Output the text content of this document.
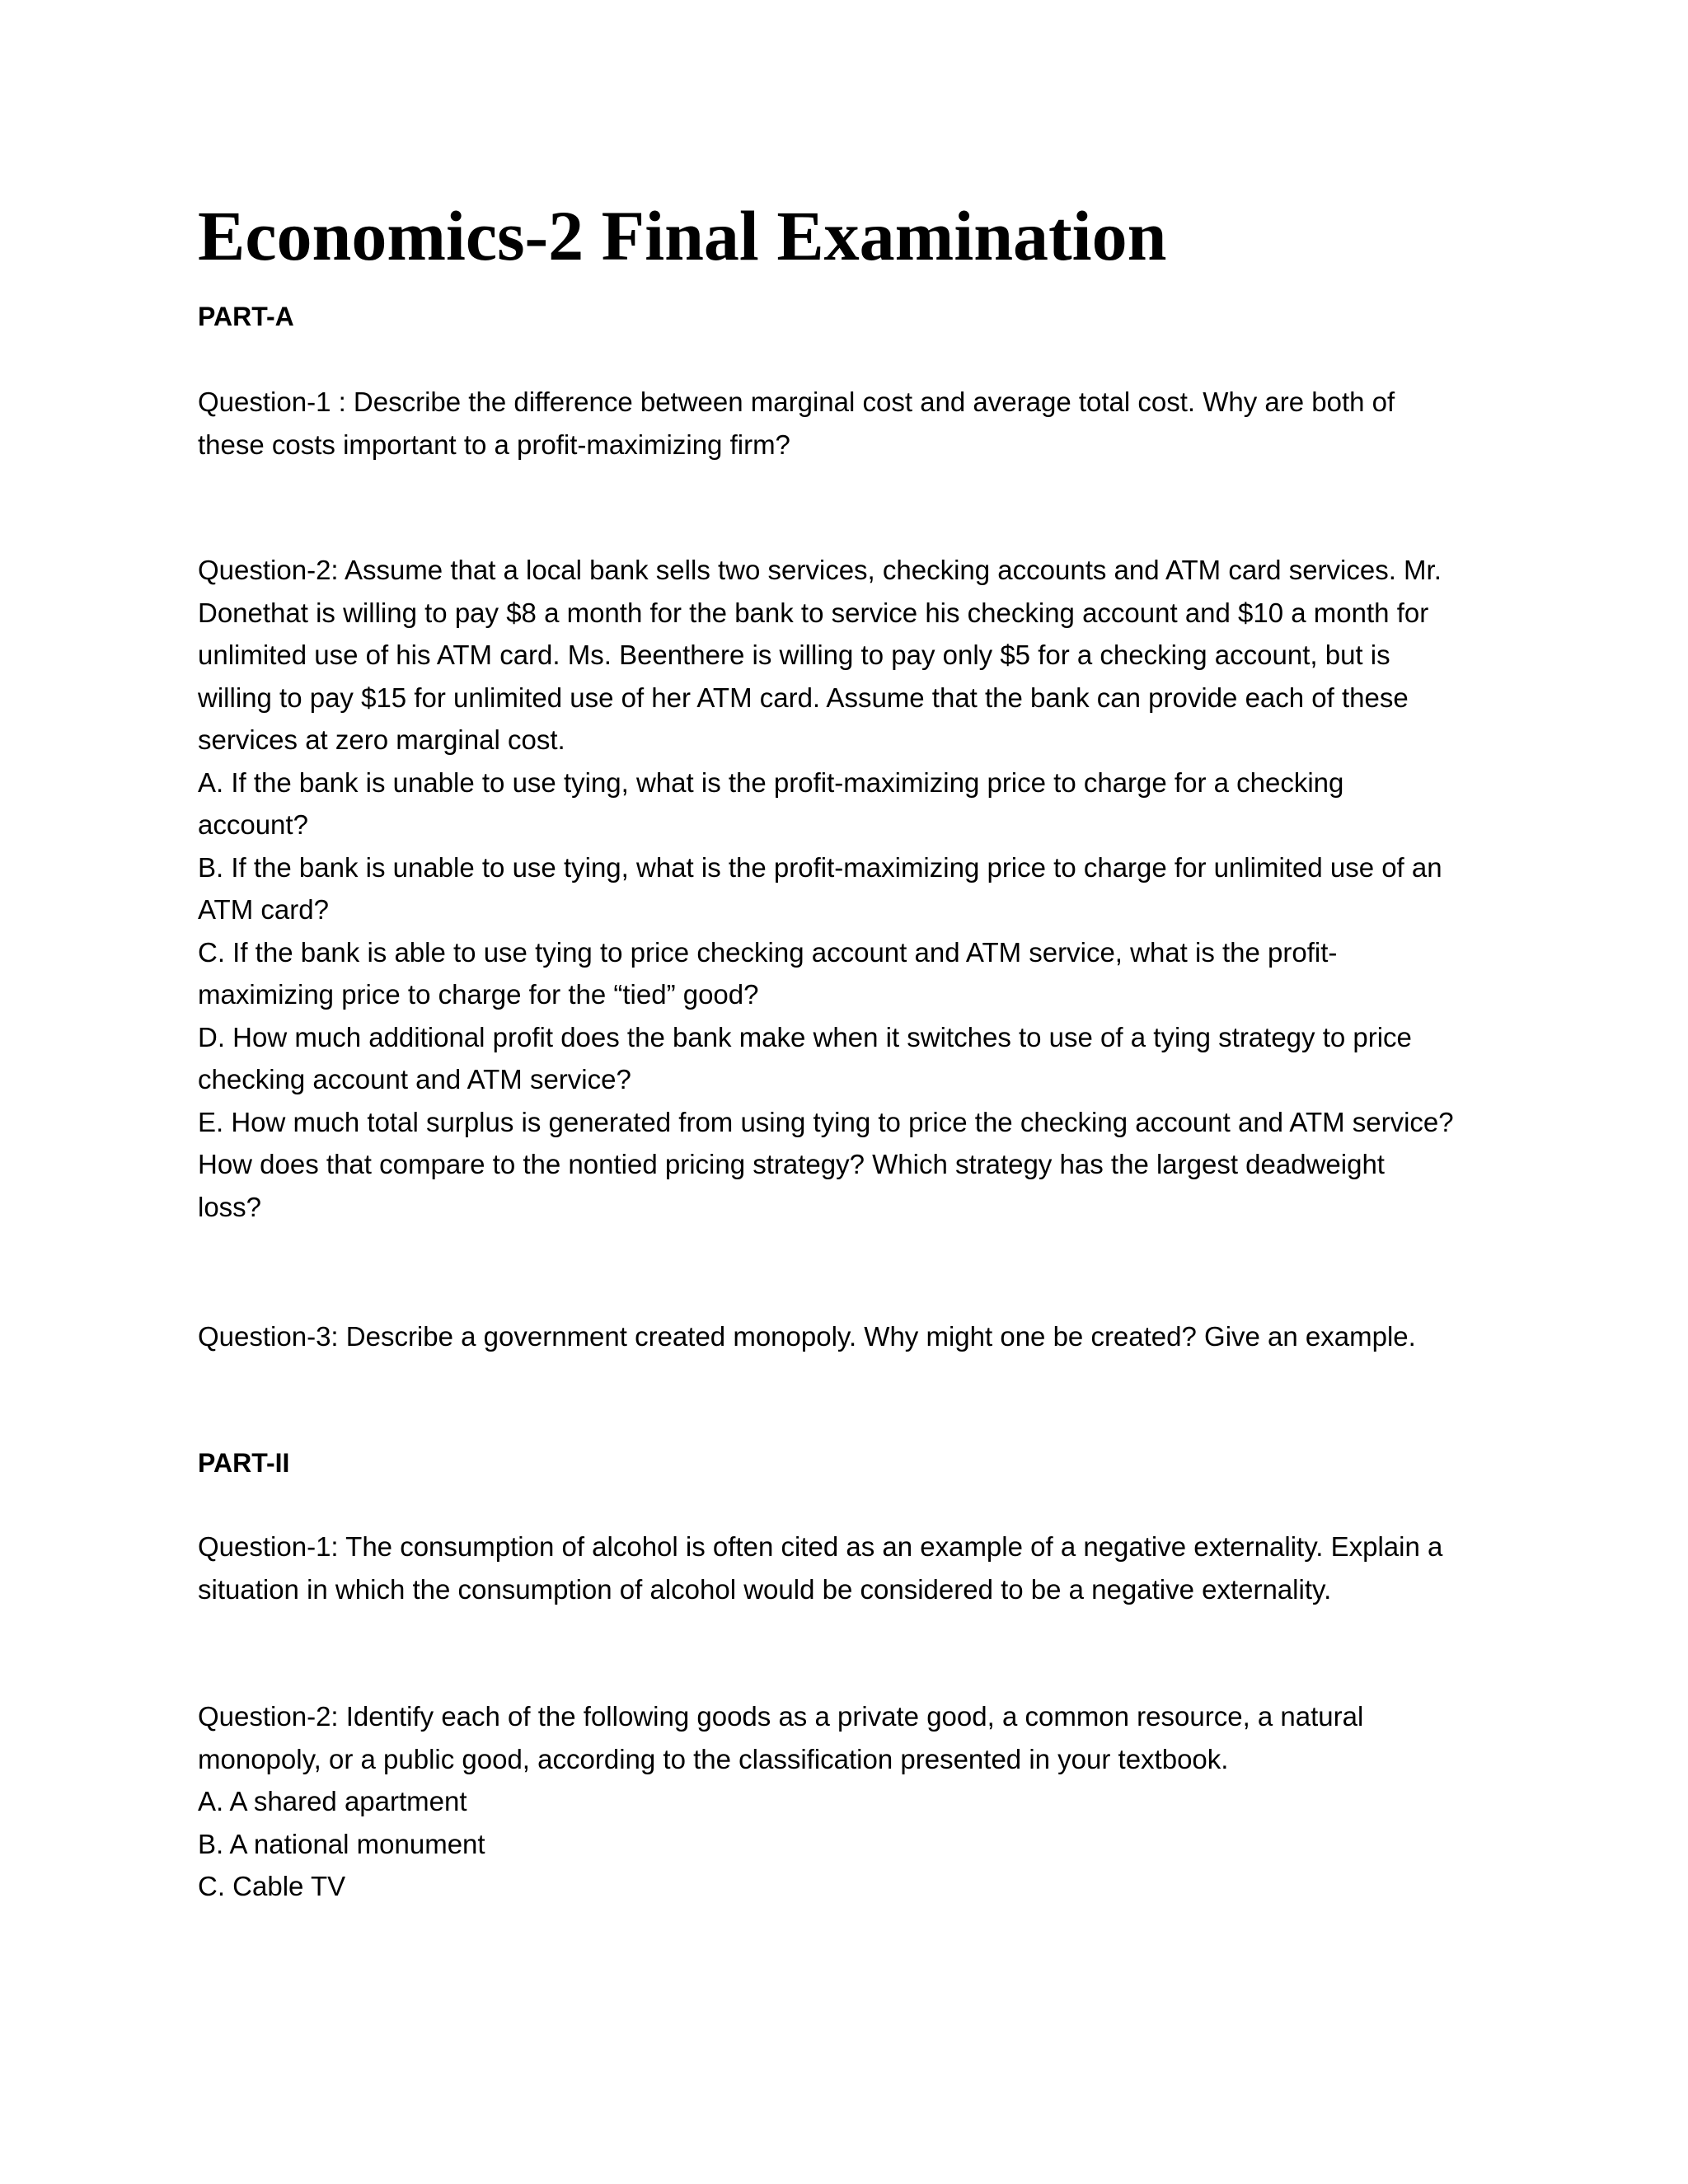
Economics-2 Final Examination
PART-A
Question-1 : Describe the difference between marginal cost and average total cost. Why are both of
these costs important to a profit-maximizing firm?
Question-2: Assume that a local bank sells two services, checking accounts and ATM card services. Mr.
Donethat is willing to pay $8 a month for the bank to service his checking account and $10 a month for
unlimited use of his ATM card. Ms. Beenthere is willing to pay only $5 for a checking account, but is
willing to pay $15 for unlimited use of her ATM card. Assume that the bank can provide each of these
services at zero marginal cost.
A. If the bank is unable to use tying, what is the profit-maximizing price to charge for a checking
account?
B. If the bank is unable to use tying, what is the profit-maximizing price to charge for unlimited use of an
ATM card?
C. If the bank is able to use tying to price checking account and ATM service, what is the profit-
maximizing price to charge for the “tied” good?
D. How much additional profit does the bank make when it switches to use of a tying strategy to price
checking account and ATM service?
E. How much total surplus is generated from using tying to price the checking account and ATM service?
How does that compare to the nontied pricing strategy? Which strategy has the largest deadweight
loss?
Question-3: Describe a government created monopoly. Why might one be created? Give an example.
PART-II
Question-1: The consumption of alcohol is often cited as an example of a negative externality. Explain a
situation in which the consumption of alcohol would be considered to be a negative externality.
Question-2: Identify each of the following goods as a private good, a common resource, a natural
monopoly, or a public good, according to the classification presented in your textbook.
A. A shared apartment
B. A national monument
C. Cable TV
